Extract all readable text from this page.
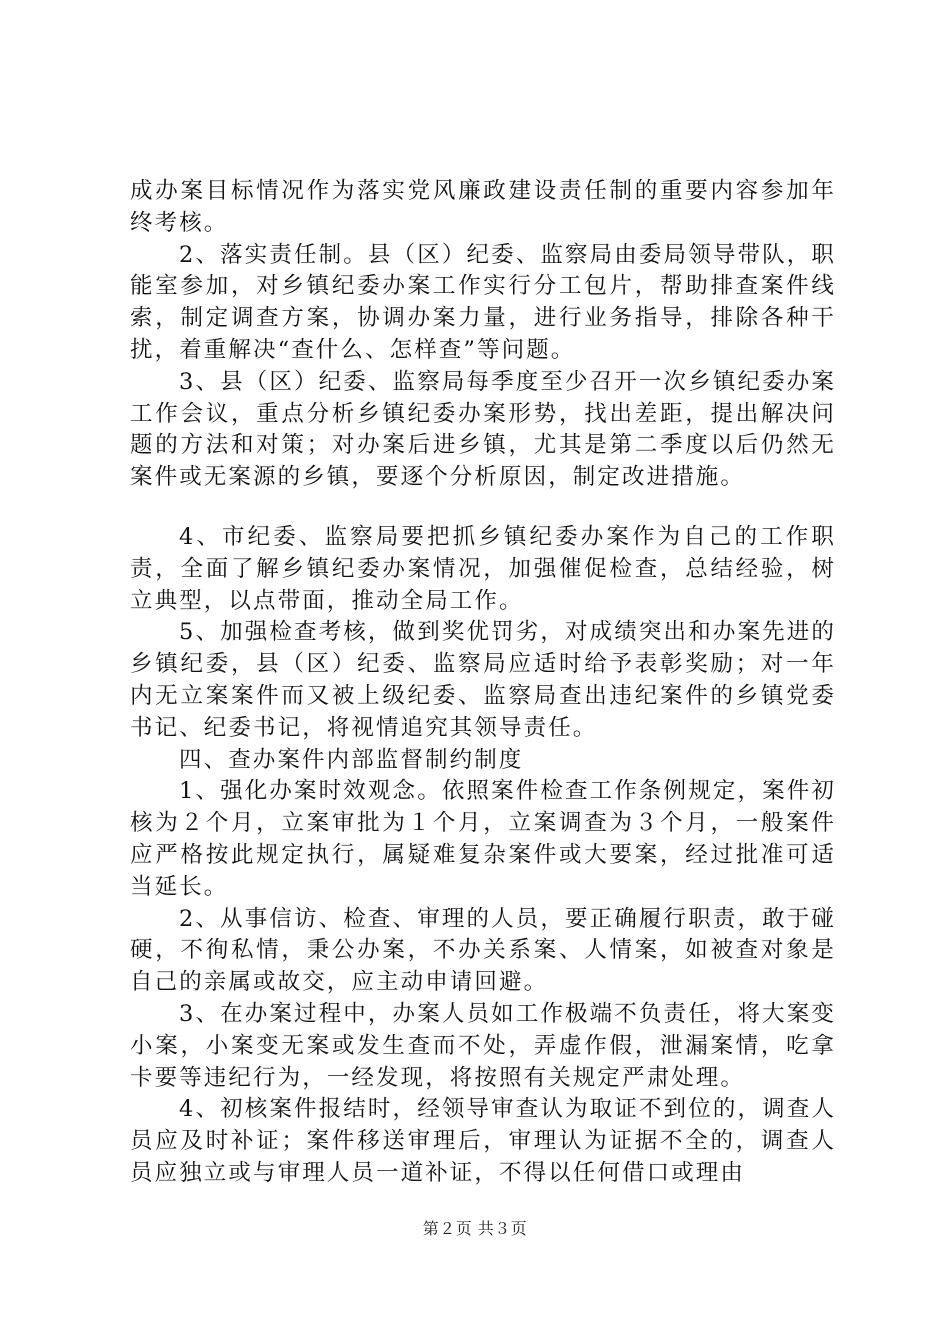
成办案目标情况作为落实党风廉政建设责任制的重要内容参加年终考核。

2、落实责任制。县（区）纪委、监察局由委局领导带队，职能室参加，对乡镇纪委办案工作实行分工包片，帮助排查案件线索，制定调查方案，协调办案力量，进行业务指导，排除各种干扰，着重解决“查什么、怎样查”等问题。

3、县（区）纪委、监察局每季度至少召开一次乡镇纪委办案工作会议，重点分析乡镇纪委办案形势，找出差距，提出解决问题的方法和对策；对办案后进乡镇，尤其是第二季度以后仍然无案件或无案源的乡镇，要逐个分析原因，制定改进措施。

4、市纪委、监察局要把抓乡镇纪委办案作为自己的工作职责，全面了解乡镇纪委办案情况，加强催促检查，总结经验，树立典型，以点带面，推动全局工作。

5、加强检查考核，做到奖优罚劣，对成绩突出和办案先进的乡镇纪委，县（区）纪委、监察局应适时给予表彰奖励；对一年内无立案案件而又被上级纪委、监察局查出违纪案件的乡镇党委书记、纪委书记，将视情追究其领导责任。

四、查办案件内部监督制约制度

1、强化办案时效观念。依照案件检查工作条例规定，案件初核为２个月，立案审批为１个月，立案调查为３个月，一般案件应严格按此规定执行，属疑难复杂案件或大要案，经过批准可适当延长。

2、从事信访、检查、审理的人员，要正确履行职责，敢于碰硬，不徇私情，秉公办案，不办关系案、人情案，如被查对象是自己的亲属或故交，应主动申请回避。

3、在办案过程中，办案人员如工作极端不负责任，将大案变小案，小案变无案或发生查而不处，弄虚作假，泄漏案情，吃拿卡要等违纪行为，一经发现，将按照有关规定严肃处理。

4、初核案件报结时，经领导审查认为取证不到位的，调查人员应及时补证；案件移送审理后，审理认为证据不全的，调查人员应独立或与审理人员一道补证，不得以任何借口或理由

第２页 共３页
